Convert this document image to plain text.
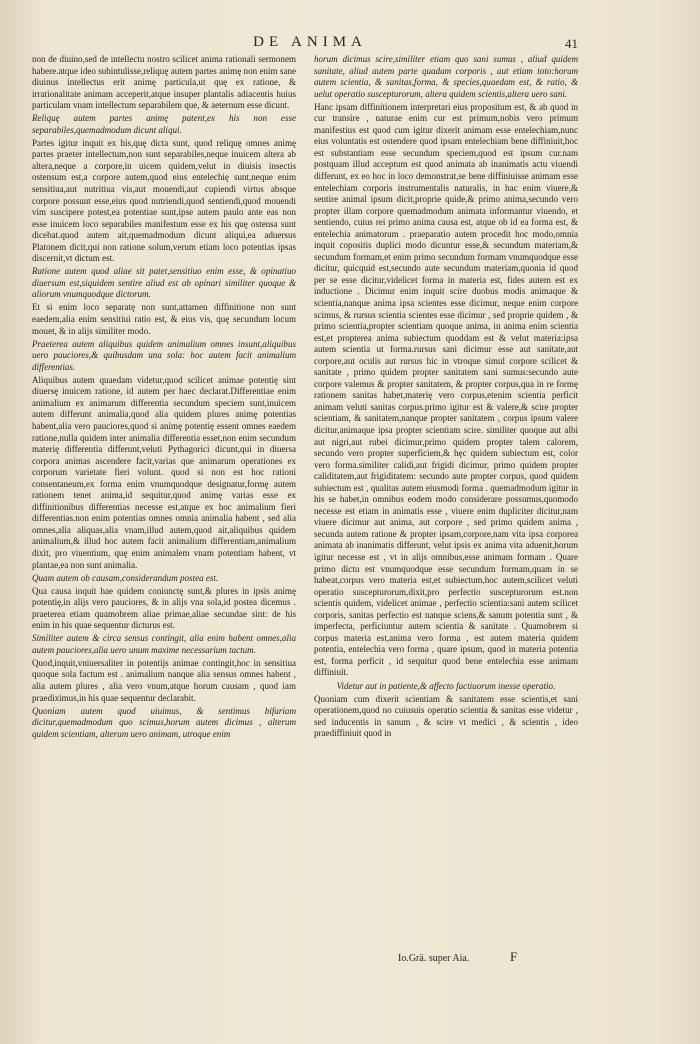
DE ANIMA	41

non de diuino,sed de intellectu nostro scilicet anima rationali sermonem habere.atque ideo subintulisse,reliquę autem partes animę non enim sane diuinus intellectus erit animę particula,ut quę ex ratione, & irrationalitate animam acceperit,atque insuper plantalis adiacentis huius particulam vnam intellectum separabilem que, & aeternum esse dicunt.

Reliquę autem partes animę patent,ex his non esse separabiles,quemadmodum dicunt aliqui.

Partes igitur inquit ex his,quę dicta sunt, quod reliquę omnes animę partes praeter intellectum,non sunt separabiles,neque inuicem altera ab altera,neque a corpore,in uicem quidem,velut in diuisis insectis ostensum est,a corpore autem,quod eius entelechię sunt,neque enim sensitiua,aut nutritiua vis,aut mouendi,aut cupiendi virtus absque corpore possunt esse,eius quod nutriendi,quod sentiendi,quod mouendi vim suscipere potest,ea potentiae sunt,ipse autem paulo ante eas non esse inuicem loco separabiles manifestum esse ex his quę ostensa sunt dicebat.quod autem ait,quemadmodum dicunt aliqui,ea aduersus Platonem dicit,qui non ratione solum,verum etiam loco potentias ipsas discernit,vt dictum est.

Ratione autem quod aliae sit patet,sensitiuo enim esse, & opinatiuo diuersum est,siquidem sentire aliud est ab opinari similiter quoque & aliorum vnumquodque dictorum.

Et si enim loco separatę non sunt,attamen diffinitione non sunt eaedem,alia enim sensitiui ratio est, & eius vis, quę secundum locum mouet, & in alijs similiter modo.

Praeterea autem aliquibus quidem animalium omnes insunt,aliquibus uero pauciores,& quibusdam una sola: hoc autem facit animalium differentias.

Aliquibus autem quaedam videtur,quod scilicet animae potentię sint diuersę inuicem ratione, id autem per haec declarat.Differentiae enim animalium ex animarum differentia secundum speciem sunt,inuicem autem differunt animalia,quod alia quidem plures animę potentias habent,alia vero pauciores,quod si animę potentię essent omnes eaedem ratione,nulla quidem inter animalia differentia esset,non enim secundum materię differentia differunt,veluti Pythagorici dicunt,qui in diuersa corpora animas ascendere facit,varias que animarum operationes ex corporum varietate fieri volunt. quod si non est hoc rationi consentaneum,ex forma enim vnumquodque designatur,formę autem rationem tenet anima,id sequitur,quod animę varias esse ex diffinitionibus differentias necesse est,atque ex hoc animalium fieri differentias.non enim potentias omnes omnia animalia habent , sed alia omnes,alia aliquas,alia vnam,illud autem,quod ait,aliquibus quidem animalium,& illud hoc autem facit animalium differentiam,animalium dixit, pro viuentium, quę enim animalem vnam potentiam habent, vt plantae,ea non sunt animalia.

Quam autem ob causam,considerandum postea est.

Qua causa inquit hae quidem coniunctę sunt,& plures in ipsis animę potentię,in alijs vero pauciores, & in alijs vna sola,id postea dicemus . praeterea etiam quamobrem aliae primae,aliae secundae sint: de his enim in his quae sequentur dicturus est.

Similiter autem & circa sensus contingit, alia enim habent omnes,alia autem pauciores,alia uero unum maxime necessarium tactum.

Quod,inquit,vniuersaliter in potentijs animae contingit,hoc in sensitiua quoque sola factum est . animalium nanque alia sensus omnes habent , alia autem plures , alia vero vnum,atque horum causam , quod iam praediximus,in his quae sequentur declarabit.

Quoniam autem quod uiuimus, & sentimus bifariam dicitur,quemadmodum quo scimus,horum autem dicimus , alterum quidem scientiam, alterum uero animam, utroque enim

horum dicimus scire,similiter etiam quo sani sumus , aliud quidem sanitate, aliud autem parte quadam corporis , aut etiam toto:horum autem scientia, & sanitas,forma, & species,quaedam est, & ratio, & uelut operatio suscepturorum, altera quidem scientis,altera uero sani.

Hanc ipsam diffinitionem interpretari eius propositum est, & ab quod in cur transire , naturae enim cur est primum,nobis vero primum manifestius est quod cum igitur dixerit animam esse entelechiam,nunc eius voluntatis est ostendere quod ipsam entelechiam bene diffiniuit,hoc est substantiam esse secundum speciem,quod est ipsum cur.nam postquam illud acceptum est quod animata ab inanimatis actu viuendi differunt, ex eo hoc in loco demonstrat,se bene diffiniuisse animam esse entelechiam corporis instrumentalis naturalis, in hac enim viuere,& sentire animal ipsum dicit,proprie quide,& primo anima,secundo vero propter illam corpore quemadmodum animata informantur viuendo, et sentiendo, cuius rei primo anima causa est, atque ob id ea forma est, & entelechia animatorum . praeparatio autem procedit hoc modo,omnia inquit copositis duplici modo dicuntur esse,& secundum materiam,& secundum formam,et enim primo secundum formam vnumquodque esse dicitur, quicquid est,secundo aute secundum materiam,quonia id quod per se esse dicitur,videlicet forma in materia est, fides autem est ex inductione . Dicimur enim inquit scire duobus modis animaque & scientia,nanque anima ipsa scientes esse dicimur, neque enim corpore scimus, & rursus scientia scientes esse dicimur , sed proprie quidem , & primo scientia,propter scientiam quoque anima, in anima enim scientia est,et propterea anima subiectum quoddam est & velut materia:ipsa autem scientia ut forma.rursus sani dicimur esse aut sanitate,aut corpore,aut oculis aut rursus hic in vtroque simul corpore scilicet & sanitate , primo quidem propter sanitatem sani sumus:secundo aute corpore valemus & propter sanitatem, & propter corpus,qua in re formę rationem sanitas habet,materię vero corpus,etenim scientia perficit animam veluti sanitas corpus.primo igitur est & valere,& scire propter scientiam, & sanitatem,nanque propter sanitatem , corpus ipsum valere dicitur,animaque ipsa propter scientiam scire. similiter quoque aut albi aut nigri,aut rubei dicimur,primo quidem propter talem calorem, secundo vero propter superficiem,& hęc quidem subiectum est, color vero forma.similiter calidi,aut frigidi dicimur, primo quidem propter caliditatem,aut frigiditatem: secundo aute propter corpus, quod quidem subiectum est , qualitas autem eiusmodi forma . quemadmodum igitur in his se habet,in omnibus eodem modo considerare possumus,quomodo necesse est etiam in animatis esse , viuere enim dupliciter dicitur,nam viuere dicimur aut anima, aut corpore , sed primo quidem anima , secunda autem ratione & propter ipsam,corpore,nam vita ipsa corporea animata ab inanimatis differunt, velut ipsis ex anima vita aduenit,horum igitur necesse est , vt in alijs omnibus,esse animam formam . Quare primo dictu est vnumquodque esse secundum formam,quam in se habeat,corpus vero materia est,et subiectum,hoc autem,scilicet veluti operatio suscepturorum,dixit,pro perfectio suscepturorum est.non scientis quidem, videlicet animae , perfectio scientia:sani autem scilicet corporis, sanitas perfectio est nanque sciens,& sanum potentia sunt , & imperfecta, perficiuntur autem scientia & sanitate . Quamobrem si corpus materia est,anima vero forma , est autem materia quidem potentia, entelechia vero forma , quare ipsum, quod in materia potentia est, forma perficit , id sequitur quod bene entelechia esse animam diffiniuit.

Videtur aut in patiente,& affecto factiuorum inesse operatio.

Quoniam cum dixerit scientiam & sanitatem esse scientis,et sani operationem,quod no cuiusuis operatio scientia & sanitas esse videtur , sed inducentis in sanum , & scire vt medici , & scientis , ideo praediffiniuit quod in

Io.Grä. super Aia.	F
